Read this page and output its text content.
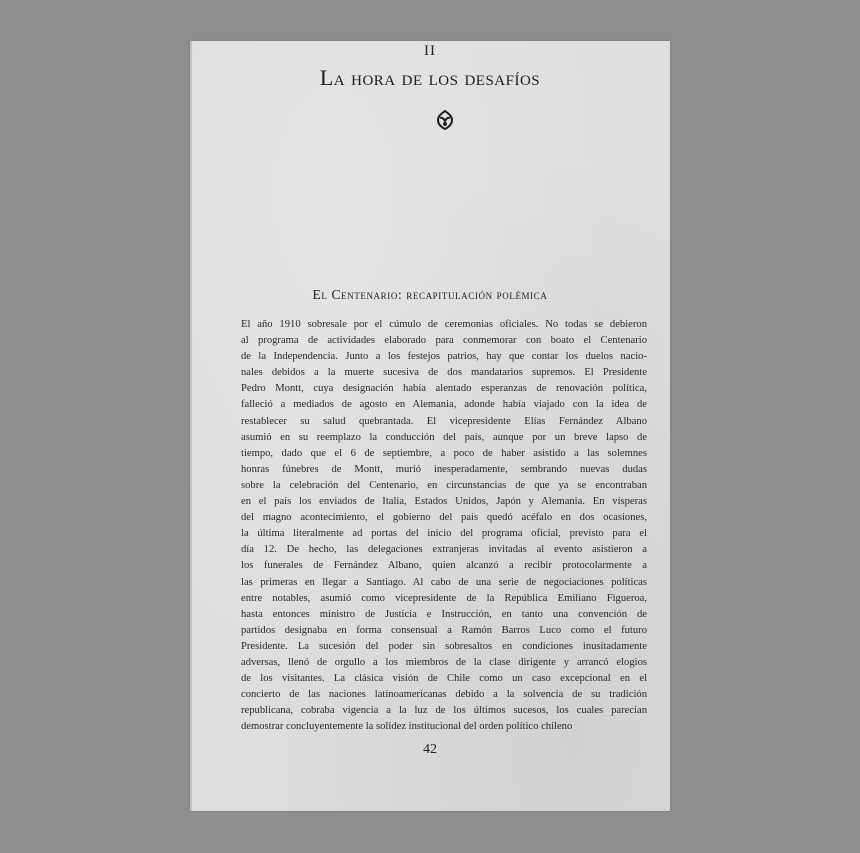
II
La hora de los desafíos
El Centenario: recapitulación polémica
El año 1910 sobresale por el cúmulo de ceremonias oficiales. No todas se debieron
al programa de actividades elaborado para conmemorar con boato el Centenario
de la Independencia. Junto a los festejos patrios, hay que contar los duelos nacio-
nales debidos a la muerte sucesiva de dos mandatarios supremos. El Presidente
Pedro Montt, cuya designación había alentado esperanzas de renovación política,
falleció a mediados de agosto en Alemania, adonde había viajado con la idea de
restablecer su salud quebrantada. El vicepresidente Elías Fernández Albano
asumió en su reemplazo la conducción del país, aunque por un breve lapso de
tiempo, dado que el 6 de septiembre, a poco de haber asistido a las solemnes
honras fúnebres de Montt, murió inesperadamente, sembrando nuevas dudas
sobre la celebración del Centenario, en circunstancias de que ya se encontraban
en el país los enviados de Italia, Estados Unidos, Japón y Alemania. En vísperas
del magno acontecimiento, el gobierno del país quedó acéfalo en dos ocasiones,
la última literalmente ad portas del inicio del programa oficial, previsto para el
día 12. De hecho, las delegaciones extranjeras invitadas al evento asistieron a
los funerales de Fernández Albano, quien alcanzó a recibir protocolarmente a
las primeras en llegar a Santiago. Al cabo de una serie de negociaciones políticas
entre notables, asumió como vicepresidente de la República Emiliano Figueroa,
hasta entonces ministro de Justicia e Instrucción, en tanto una convención de
partidos designaba en forma consensual a Ramón Barros Luco como el futuro
Presidente. La sucesión del poder sin sobresaltos en condiciones inusitadamente
adversas, llenó de orgullo a los miembros de la clase dirigente y arrancó elogios
de los visitantes. La clásica visión de Chile como un caso excepcional en el
concierto de las naciones latinoamericanas debido a la solvencia de su tradición
republicana, cobraba vigencia a la luz de los últimos sucesos, los cuales parecían
demostrar concluyentemente la solidez institucional del orden político chileno
42
